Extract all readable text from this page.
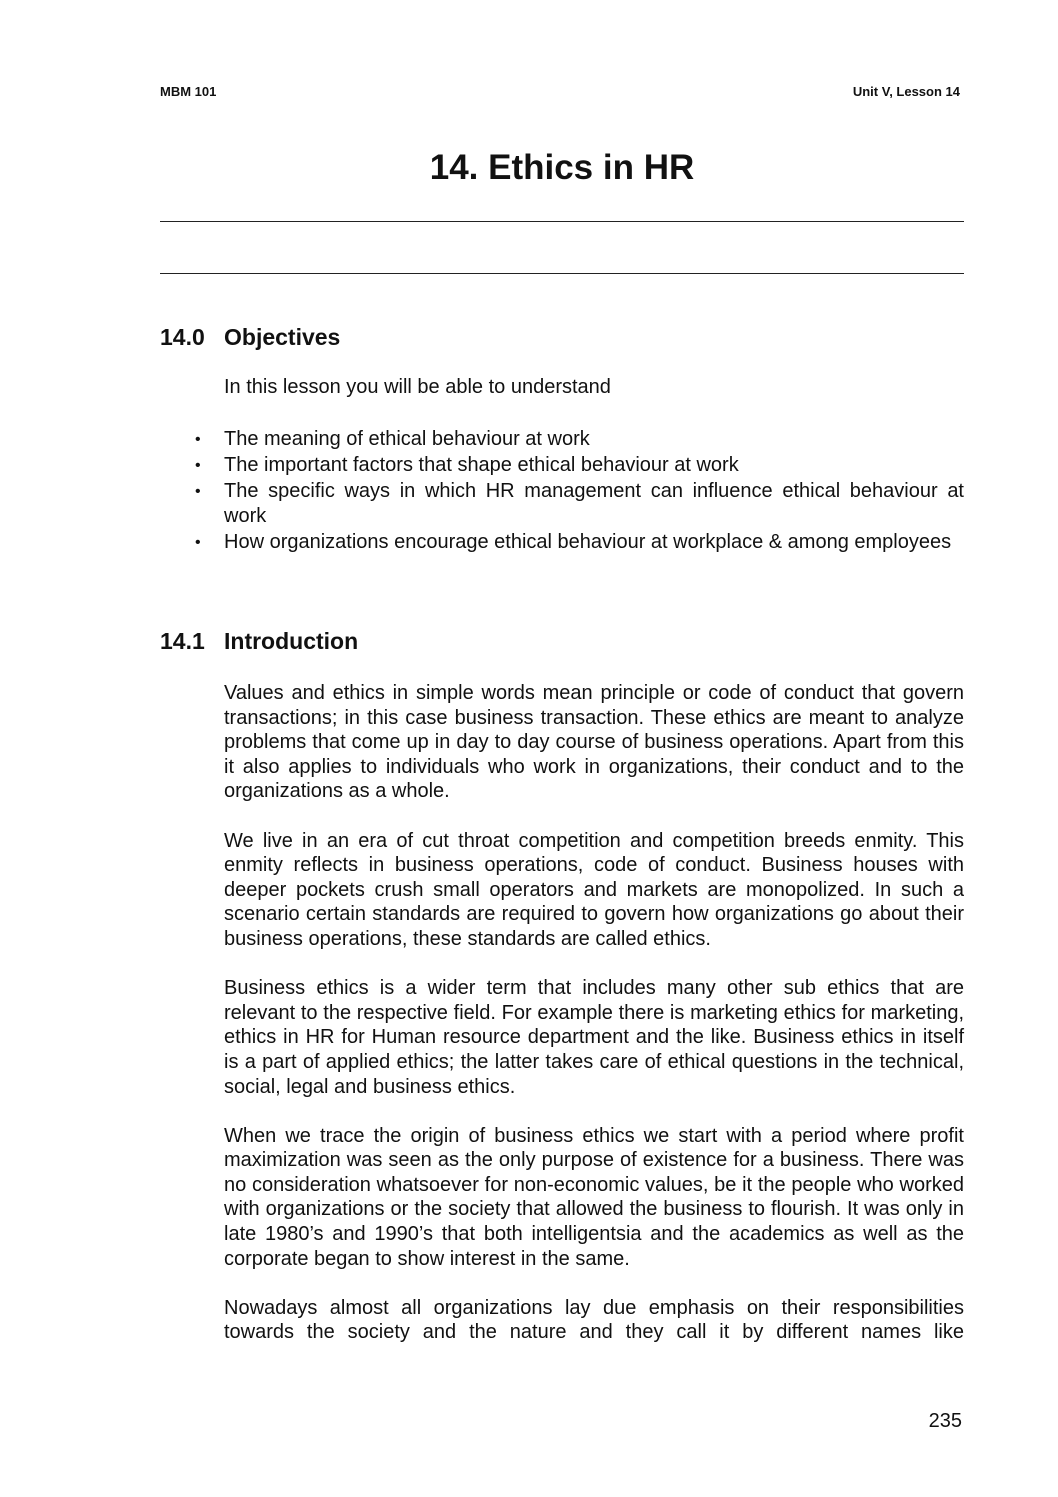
MBM 101	Unit V, Lesson 14
14. Ethics in HR
14.0 Objectives

In this lesson you will be able to understand

• The meaning of ethical behaviour at work
• The important factors that shape ethical behaviour at work
• The specific ways in which HR management can influence ethical behaviour at work
• How organizations encourage ethical behaviour at workplace & among employees
14.1 Introduction

Values and ethics in simple words mean principle or code of conduct that govern transactions; in this case business transaction. These ethics are meant to analyze problems that come up in day to day course of business operations. Apart from this it also applies to individuals who work in organizations, their conduct and to the organizations as a whole.

We live in an era of cut throat competition and competition breeds enmity. This enmity reflects in business operations, code of conduct. Business houses with deeper pockets crush small operators and markets are monopolized. In such a scenario certain standards are required to govern how organizations go about their business operations, these standards are called ethics.

Business ethics is a wider term that includes many other sub ethics that are relevant to the respective field. For example there is marketing ethics for marketing, ethics in HR for Human resource department and the like. Business ethics in itself is a part of applied ethics; the latter takes care of ethical questions in the technical, social, legal and business ethics.

When we trace the origin of business ethics we start with a period where profit maximization was seen as the only purpose of existence for a business. There was no consideration whatsoever for non-economic values, be it the people who worked with organizations or the society that allowed the business to flourish. It was only in late 1980’s and 1990’s that both intelligentsia and the academics as well as the corporate began to show interest in the same.

Nowadays almost all organizations lay due emphasis on their responsibilities towards the society and the nature and they call it by different names like

235
